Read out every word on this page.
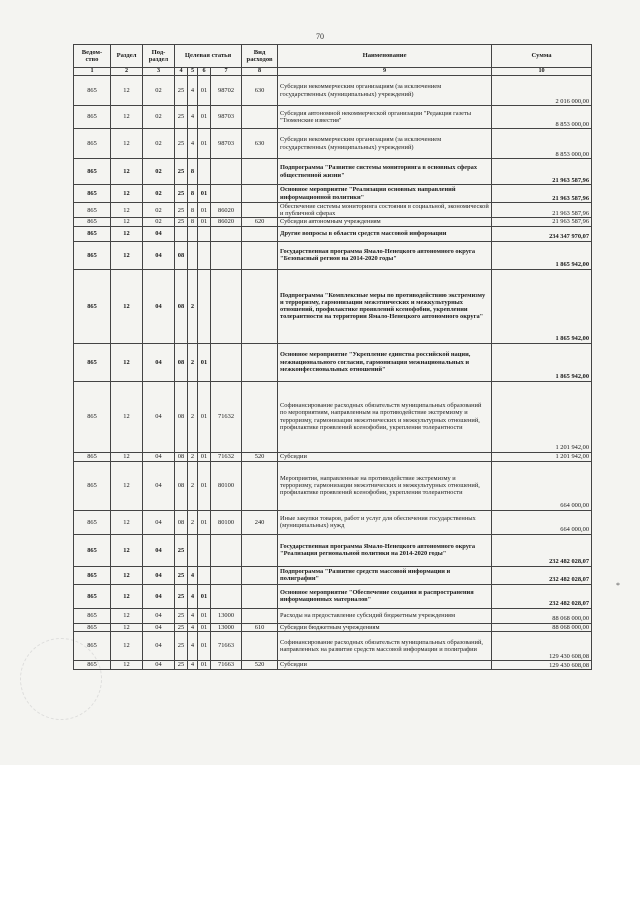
70
*
Ведом-ство	Раздел	Под-раздел	Целевая статья				Вид расходов	Наименование	Сумма
1	2	3	4	5	6	7	8	9	10
865	12	02	25	4	01	98702	630	Субсидии некоммерческим организациям (за исключением государственных (муниципальных) учреждений)	2 016 000,00
865	12	02	25	4	01	98703		Субсидия автономной некоммерческой организации "Редакция газеты "Тюменские известия"	8 853 000,00
865	12	02	25	4	01	98703	630	Субсидии некоммерческим организациям (за исключением государственных (муниципальных) учреждений)	8 853 000,00
865	12	02	25	8				Подпрограмма "Развитие системы мониторинга в основных сферах общественной жизни"	21 963 587,96
865	12	02	25	8	01			Основное мероприятие "Реализация основных направлений информационной политики"	21 963 587,96
865	12	02	25	8	01	86020		Обеспечение системы мониторинга состояния в социальной, экономической и публичной сферах	21 963 587,96
865	12	02	25	8	01	86020	620	Субсидии автономным учреждениям	21 963 587,96
865	12	04						Другие вопросы в области средств массовой информации	234 347 970,07
865	12	04	08					Государственная программа Ямало-Ненецкого автономного округа "Безопасный регион на 2014-2020 годы"	1 865 942,00
865	12	04	08	2				Подпрограмма "Комплексные меры по противодействию экстремизму и терроризму, гармонизации межэтнических и межкультурных отношений, профилактике проявлений ксенофобии, укреплении толерантности на территории Ямало-Ненецкого автономного округа"	1 865 942,00
865	12	04	08	2	01			Основное мероприятие "Укрепление единства российской нации, межнационального согласия, гармонизация межнациональных и межконфессиональных отношений"	1 865 942,00
865	12	04	08	2	01	71632		Софинансирование расходных обязательств муниципальных образований по мероприятиям, направленным на противодействие экстремизму и терроризму, гармонизации межэтнических и межкультурных отношений, профилактике проявлений ксенофобии, укрепления толерантности	1 201 942,00
865	12	04	08	2	01	71632	520	Субсидии	1 201 942,00
865	12	04	08	2	01	80100		Мероприятия, направленные на противодействие экстремизму и терроризму, гармонизации межэтнических и межкультурных отношений, профилактике проявлений ксенофобии, укрепления толерантности	664 000,00
865	12	04	08	2	01	80100	240	Иные закупки товаров, работ и услуг для обеспечения государственных (муниципальных) нужд	664 000,00
865	12	04	25					Государственная программа Ямало-Ненецкого автономного округа "Реализация региональной политики на 2014-2020 годы"	232 482 028,07
865	12	04	25	4				Подпрограмма "Развитие средств массовой информации и полиграфии"	232 482 028,07
865	12	04	25	4	01			Основное мероприятие "Обеспечение создания и распространения информационных материалов"	232 482 028,07
865	12	04	25	4	01	13000		Расходы на предоставление субсидий бюджетным учреждениям	88 068 000,00
865	12	04	25	4	01	13000	610	Субсидии бюджетным учреждениям	88 068 000,00
865	12	04	25	4	01	71663		Софинансирование расходных обязательств муниципальных образований, направленных на развитие средств массовой информации и полиграфии	129 430 608,08
865	12	04	25	4	01	71663	520	Субсидии	129 430 608,08
